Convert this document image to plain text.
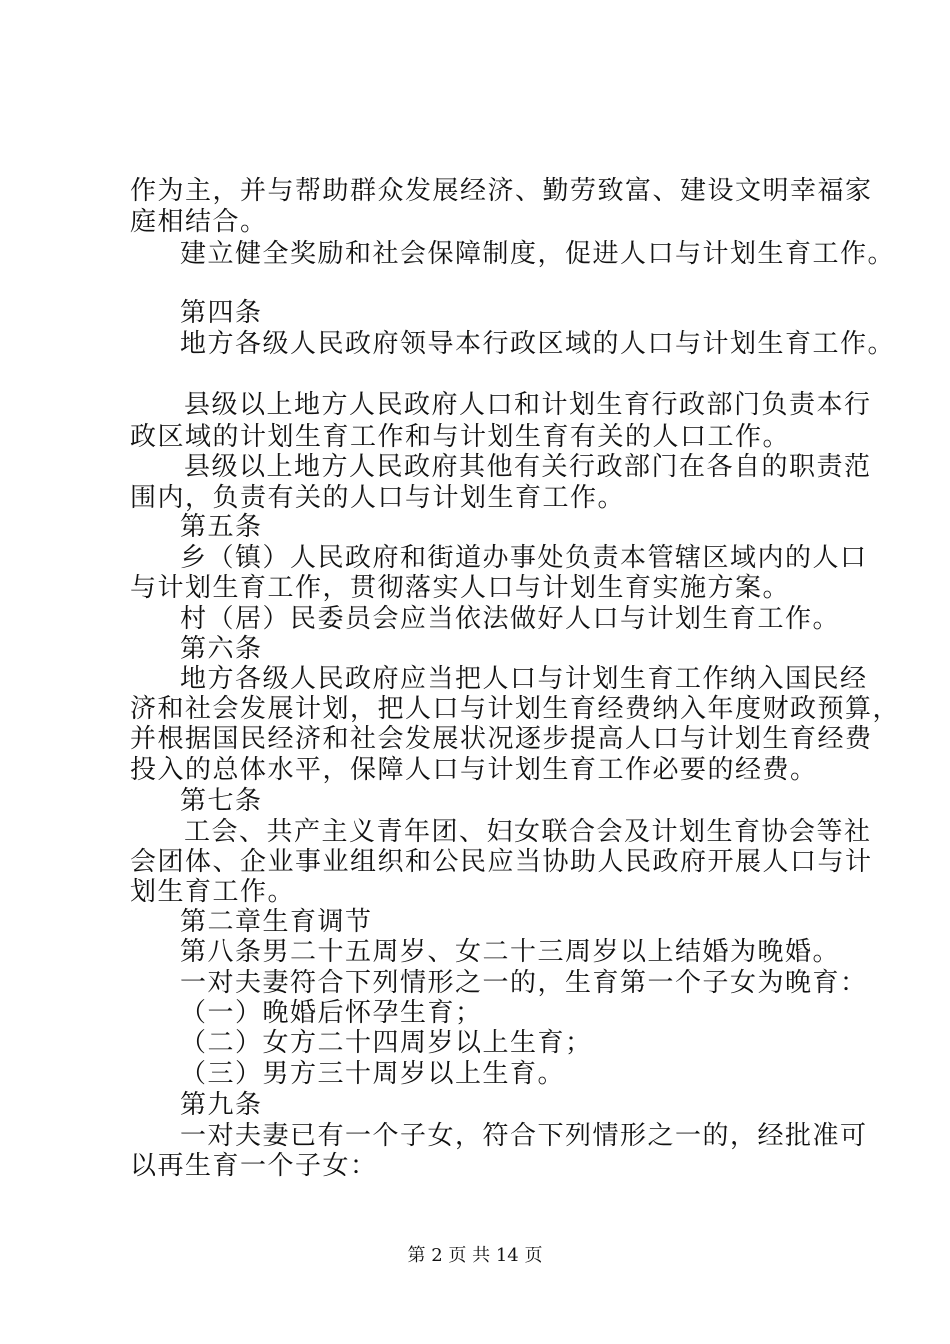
作为主，并与帮助群众发展经济、勤劳致富、建设文明幸福家
庭相结合。
建立健全奖励和社会保障制度，促进人口与计划生育工作。
第四条
地方各级人民政府领导本行政区域的人口与计划生育工作。
县级以上地方人民政府人口和计划生育行政部门负责本行
政区域的计划生育工作和与计划生育有关的人口工作。
县级以上地方人民政府其他有关行政部门在各自的职责范
围内，负责有关的人口与计划生育工作。
第五条
乡（镇）人民政府和街道办事处负责本管辖区域内的人口
与计划生育工作，贯彻落实人口与计划生育实施方案。
村（居）民委员会应当依法做好人口与计划生育工作。
第六条
地方各级人民政府应当把人口与计划生育工作纳入国民经
济和社会发展计划，把人口与计划生育经费纳入年度财政预算，
并根据国民经济和社会发展状况逐步提高人口与计划生育经费
投入的总体水平，保障人口与计划生育工作必要的经费。
第七条
工会、共产主义青年团、妇女联合会及计划生育协会等社
会团体、企业事业组织和公民应当协助人民政府开展人口与计
划生育工作。
第二章生育调节
第八条男二十五周岁、女二十三周岁以上结婚为晚婚。
一对夫妻符合下列情形之一的，生育第一个子女为晚育：
（一）晚婚后怀孕生育；
（二）女方二十四周岁以上生育；
（三）男方三十周岁以上生育。
第九条
一对夫妻已有一个子女，符合下列情形之一的，经批准可
以再生育一个子女：
第 2 页 共 14 页
